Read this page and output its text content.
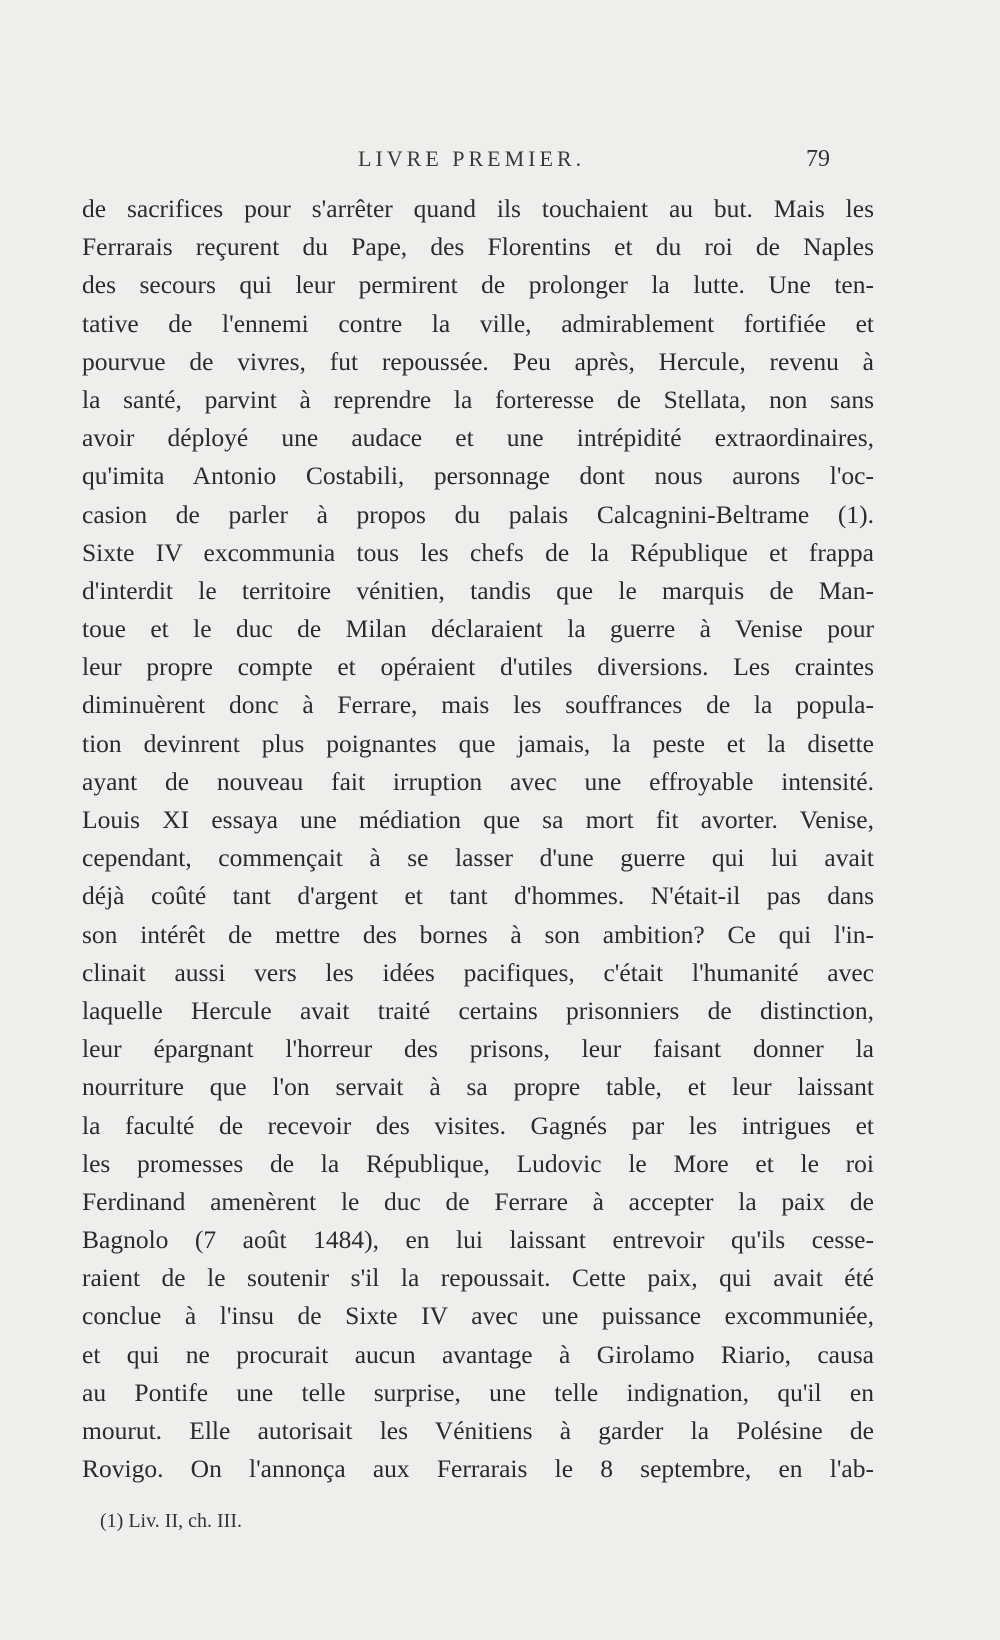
LIVRE PREMIER.	79
de sacrifices pour s'arrêter quand ils touchaient au but. Mais les
Ferrarais reçurent du Pape, des Florentins et du roi de Naples
des secours qui leur permirent de prolonger la lutte. Une ten-
tative de l'ennemi contre la ville, admirablement fortifiée et
pourvue de vivres, fut repoussée. Peu après, Hercule, revenu à
la santé, parvint à reprendre la forteresse de Stellata, non sans
avoir déployé une audace et une intrépidité extraordinaires,
qu'imita Antonio Costabili, personnage dont nous aurons l'oc-
casion de parler à propos du palais Calcagnini-Beltrame (1).
Sixte IV excommunia tous les chefs de la République et frappa
d'interdit le territoire vénitien, tandis que le marquis de Man-
toue et le duc de Milan déclaraient la guerre à Venise pour
leur propre compte et opéraient d'utiles diversions. Les craintes
diminuèrent donc à Ferrare, mais les souffrances de la popula-
tion devinrent plus poignantes que jamais, la peste et la disette
ayant de nouveau fait irruption avec une effroyable intensité.
Louis XI essaya une médiation que sa mort fit avorter. Venise,
cependant, commençait à se lasser d'une guerre qui lui avait
déjà coûté tant d'argent et tant d'hommes. N'était-il pas dans
son intérêt de mettre des bornes à son ambition? Ce qui l'in-
clinait aussi vers les idées pacifiques, c'était l'humanité avec
laquelle Hercule avait traité certains prisonniers de distinction,
leur épargnant l'horreur des prisons, leur faisant donner la
nourriture que l'on servait à sa propre table, et leur laissant
la faculté de recevoir des visites. Gagnés par les intrigues et
les promesses de la République, Ludovic le More et le roi
Ferdinand amenèrent le duc de Ferrare à accepter la paix de
Bagnolo (7 août 1484), en lui laissant entrevoir qu'ils cesse-
raient de le soutenir s'il la repoussait. Cette paix, qui avait été
conclue à l'insu de Sixte IV avec une puissance excommuniée,
et qui ne procurait aucun avantage à Girolamo Riario, causa
au Pontife une telle surprise, une telle indignation, qu'il en
mourut. Elle autorisait les Vénitiens à garder la Polésine de
Rovigo. On l'annonça aux Ferrarais le 8 septembre, en l'ab-
(1) Liv. II, ch. III.
